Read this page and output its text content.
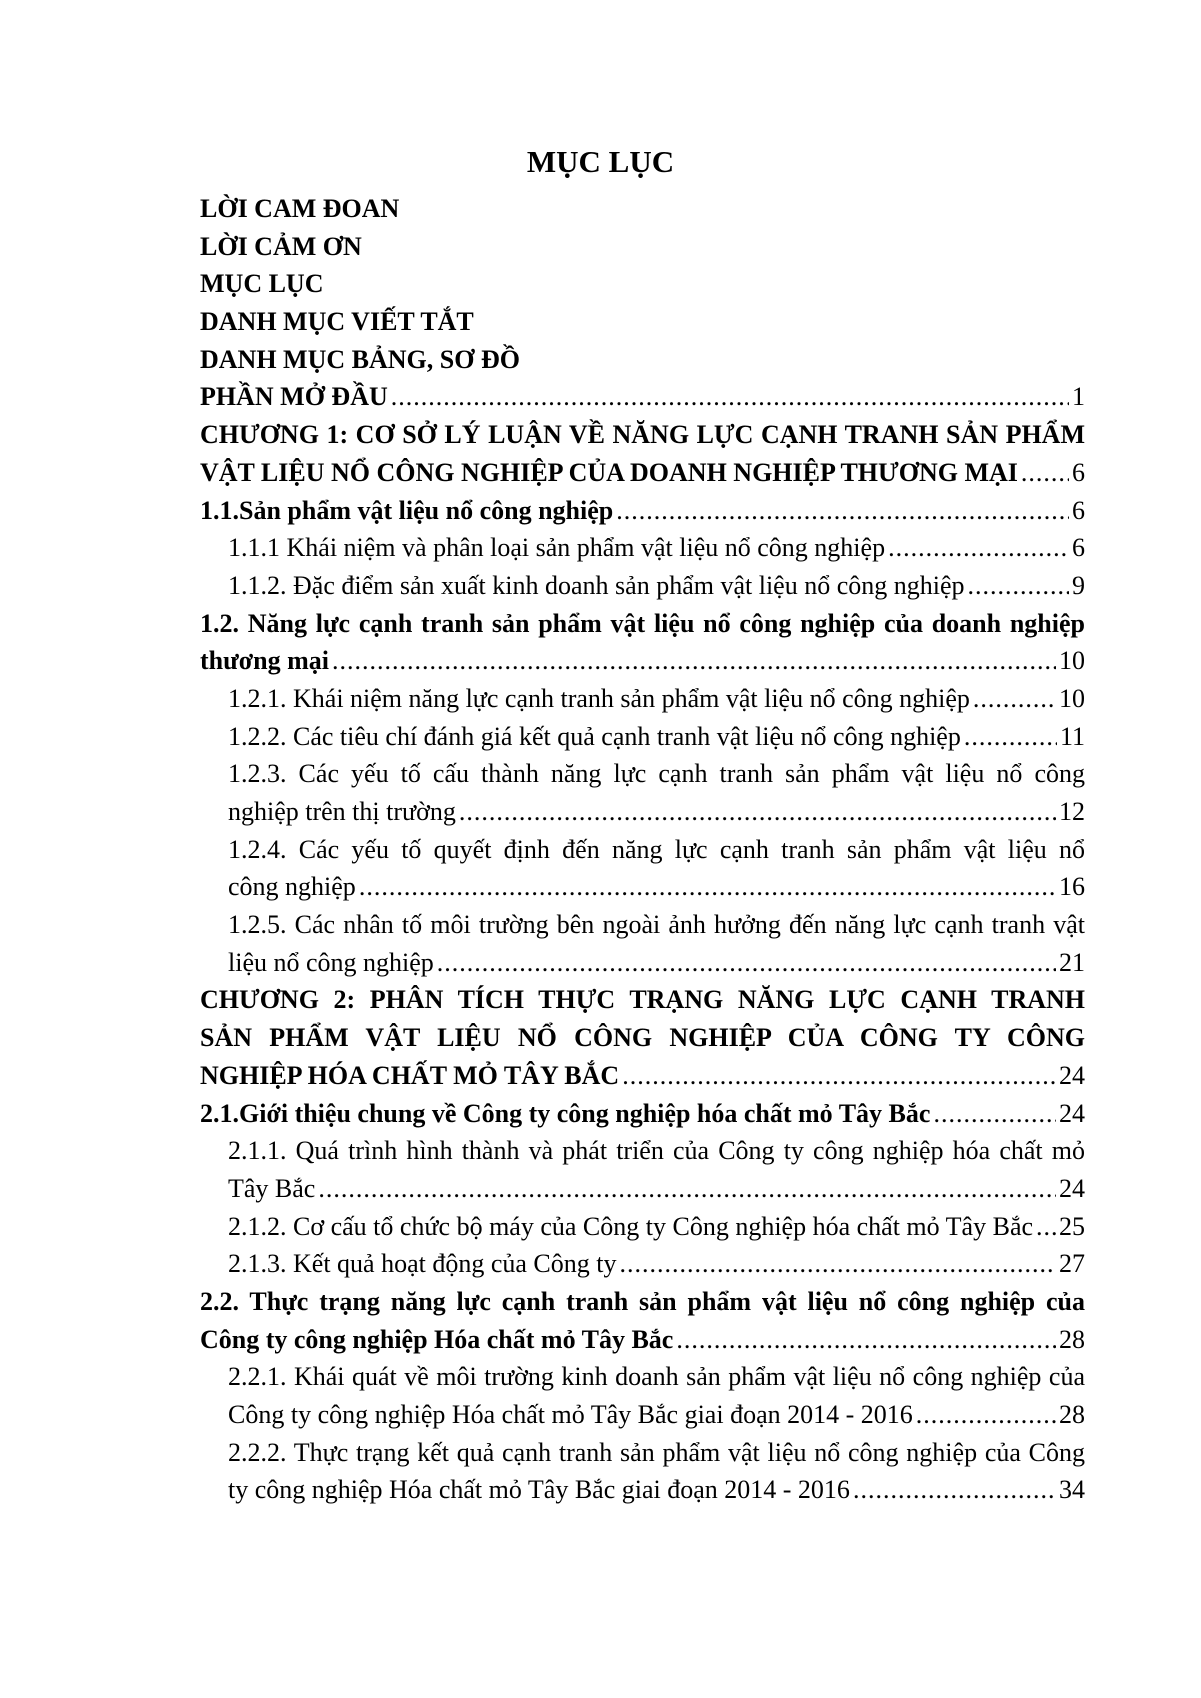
MỤC LỤC
LỜI CAM ĐOAN
LỜI CẢM ƠN
MỤC LỤC
DANH MỤC VIẾT TẮT
DANH MỤC BẢNG, SƠ ĐỒ
PHẦN MỞ ĐẦU .....	1
CHƯƠNG 1: CƠ SỞ LÝ LUẬN VỀ NĂNG LỰC CẠNH TRANH SẢN PHẨM
VẬT LIỆU NỔ CÔNG NGHIỆP CỦA DOANH NGHIỆP THƯƠNG MẠI ..... 6
1.1.Sản phẩm vật liệu nổ công nghiệp .....	6
1.1.1 Khái niệm và phân loại sản phẩm vật liệu nổ công nghiệp .....	6
1.1.2. Đặc điểm sản xuất kinh doanh sản phẩm vật liệu nổ công nghiệp .....	9
1.2. Năng lực cạnh tranh sản phẩm vật liệu nổ công nghiệp của doanh nghiệp
thương mại .....	10
1.2.1. Khái niệm năng lực cạnh tranh sản phẩm vật liệu nổ công nghiệp .....	10
1.2.2. Các tiêu chí đánh giá kết quả cạnh tranh vật liệu nổ công nghiệp .....	11
1.2.3. Các yếu tố cấu thành năng lực cạnh tranh sản phẩm vật liệu nổ công
nghiệp trên thị trường .....	12
1.2.4. Các yếu tố quyết định đến năng lực cạnh tranh sản phẩm vật liệu nổ
công nghiệp .....	16
1.2.5. Các nhân tố môi trường bên ngoài ảnh hưởng đến năng lực cạnh tranh vật
liệu nổ công nghiệp .....	21
CHƯƠNG 2: PHÂN TÍCH THỰC TRẠNG NĂNG LỰC CẠNH TRANH
SẢN PHẨM VẬT LIỆU NỔ CÔNG NGHIỆP CỦA CÔNG TY CÔNG
NGHIỆP HÓA CHẤT MỎ TÂY BẮC .....	24
2.1.Giới thiệu chung về Công ty công nghiệp hóa chất mỏ Tây Bắc .....	24
2.1.1. Quá trình hình thành và phát triển của Công ty công nghiệp hóa chất mỏ
Tây Bắc .....	24
2.1.2. Cơ cấu tổ chức bộ máy của Công ty Công nghiệp hóa chất mỏ Tây Bắc ..... 25
2.1.3. Kết quả hoạt động của Công ty .....	27
2.2. Thực trạng năng lực cạnh tranh sản phẩm vật liệu nổ công nghiệp của
Công ty công nghiệp Hóa chất mỏ Tây Bắc .....	28
2.2.1. Khái quát về môi trường kinh doanh sản phẩm vật liệu nổ công nghiệp của
Công ty công nghiệp Hóa chất mỏ Tây Bắc giai đoạn 2014 - 2016 .....	28
2.2.2. Thực trạng kết quả cạnh tranh sản phẩm vật liệu nổ công nghiệp của Công
ty công nghiệp Hóa chất mỏ Tây Bắc giai đoạn 2014 - 2016 .....	34
